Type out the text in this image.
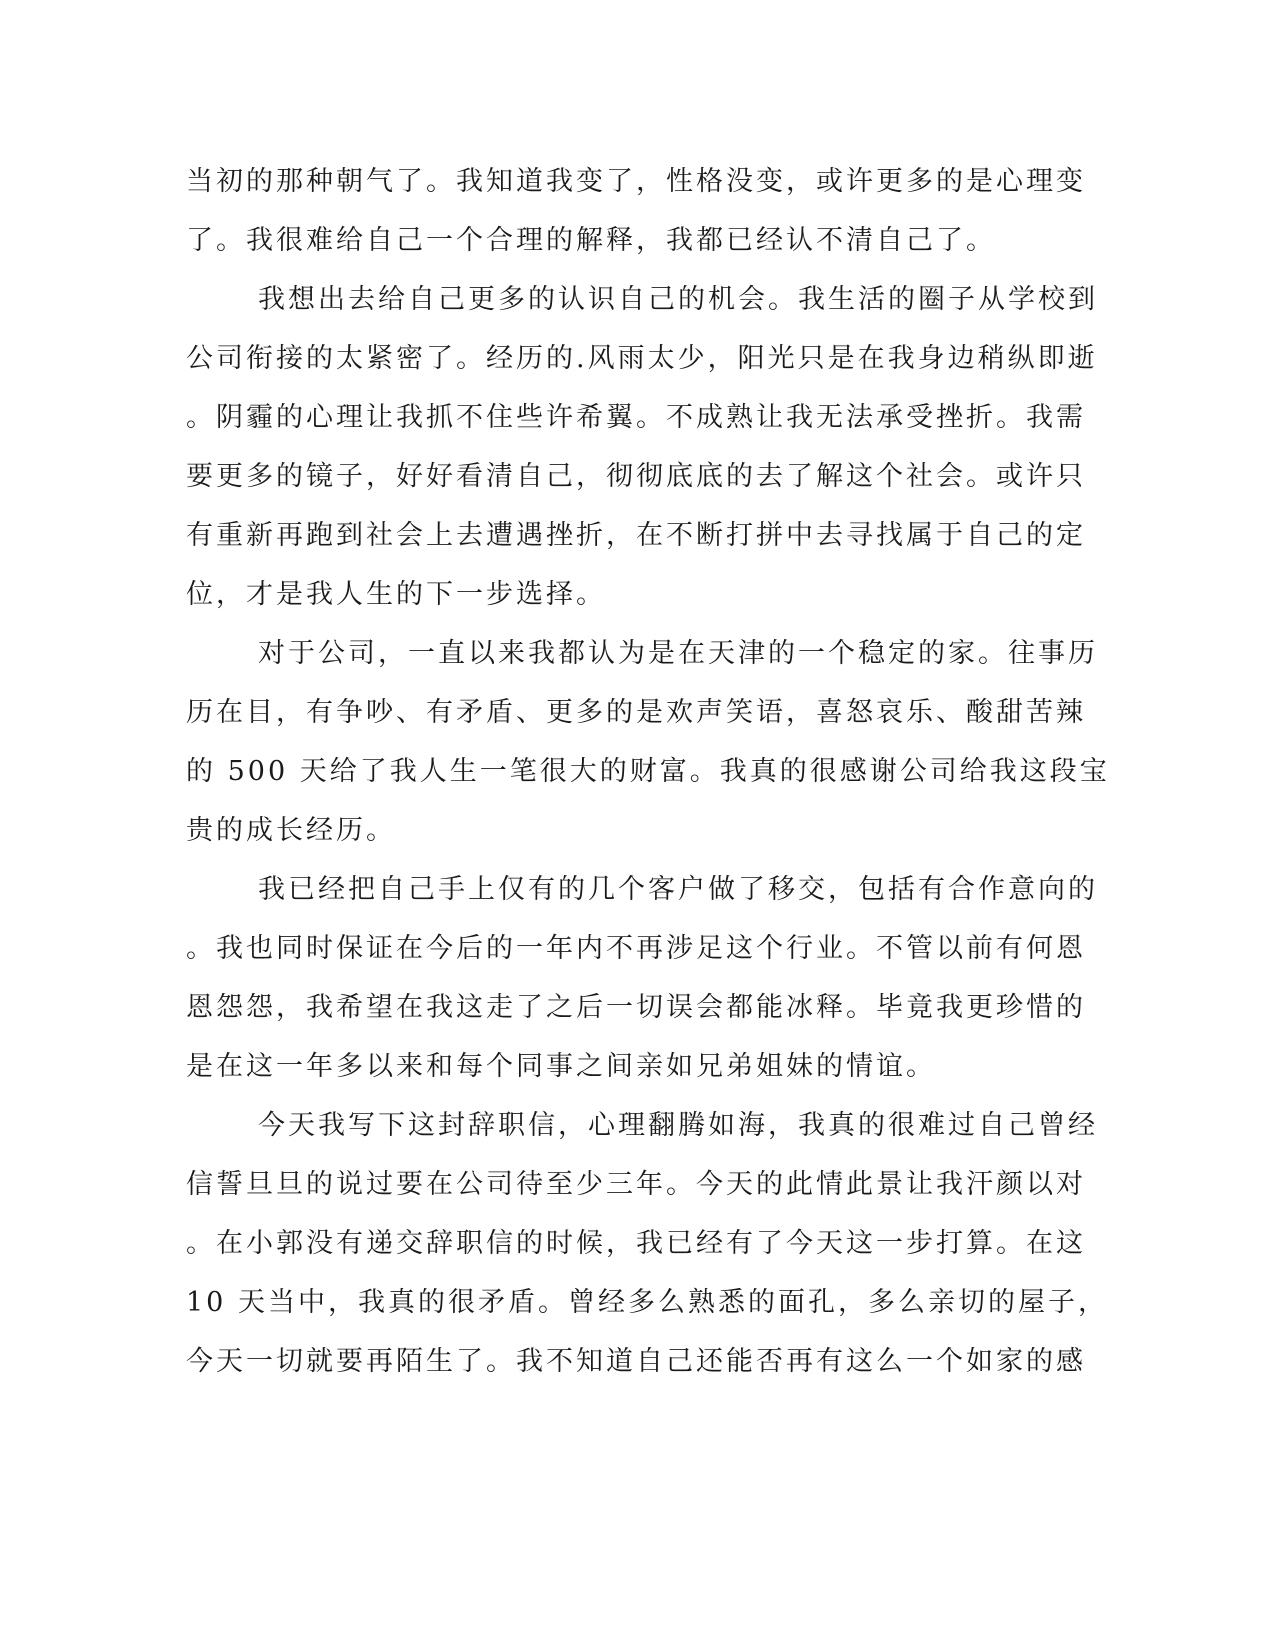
当初的那种朝气了。我知道我变了，性格没变，或许更多的是心理变
了。我很难给自己一个合理的解释，我都已经认不清自己了。
我想出去给自己更多的认识自己的机会。我生活的圈子从学校到
公司衔接的太紧密了。经历的.风雨太少，阳光只是在我身边稍纵即逝
。阴霾的心理让我抓不住些许希翼。不成熟让我无法承受挫折。我需
要更多的镜子，好好看清自己，彻彻底底的去了解这个社会。或许只
有重新再跑到社会上去遭遇挫折，在不断打拼中去寻找属于自己的定
位，才是我人生的下一步选择。
对于公司，一直以来我都认为是在天津的一个稳定的家。往事历
历在目，有争吵、有矛盾、更多的是欢声笑语，喜怒哀乐、酸甜苦辣
的 500 天给了我人生一笔很大的财富。我真的很感谢公司给我这段宝
贵的成长经历。
我已经把自己手上仅有的几个客户做了移交，包括有合作意向的
。我也同时保证在今后的一年内不再涉足这个行业。不管以前有何恩
恩怨怨，我希望在我这走了之后一切误会都能冰释。毕竟我更珍惜的
是在这一年多以来和每个同事之间亲如兄弟姐妹的情谊。
今天我写下这封辞职信，心理翻腾如海，我真的很难过自己曾经
信誓旦旦的说过要在公司待至少三年。今天的此情此景让我汗颜以对
。在小郭没有递交辞职信的时候，我已经有了今天这一步打算。在这
10 天当中，我真的很矛盾。曾经多么熟悉的面孔，多么亲切的屋子，
今天一切就要再陌生了。我不知道自己还能否再有这么一个如家的感
